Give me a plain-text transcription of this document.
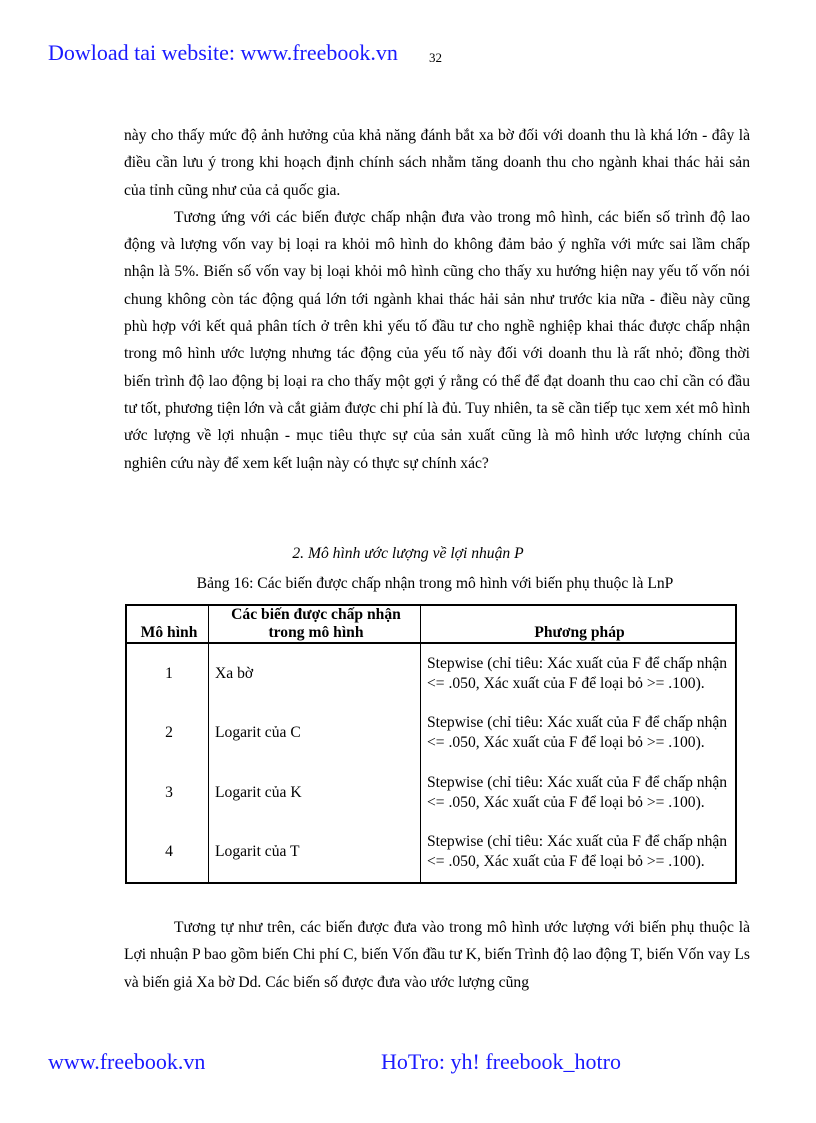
Dowload tai website: www.freebook.vn 32

này cho thấy mức độ ảnh hưởng của khả năng đánh bắt xa bờ đối với doanh thu là khá lớn - đây là điều cần lưu ý trong khi hoạch định chính sách nhằm tăng doanh thu cho ngành khai thác hải sản của tỉnh cũng như của cả quốc gia.

Tương ứng với các biến được chấp nhận đưa vào trong mô hình, các biến số trình độ lao động và lượng vốn vay bị loại ra khỏi mô hình do không đảm bảo ý nghĩa với mức sai lầm chấp nhận là 5%. Biến số vốn vay bị loại khỏi mô hình cũng cho thấy xu hướng hiện nay yếu tố vốn nói chung không còn tác động quá lớn tới ngành khai thác hải sản như trước kia nữa - điều này cũng phù hợp với kết quả phân tích ở trên khi yếu tố đầu tư cho nghề nghiệp khai thác được chấp nhận trong mô hình ước lượng nhưng tác động của yếu tố này đối với doanh thu là rất nhỏ; đồng thời biến trình độ lao động bị loại ra cho thấy một gợi ý rằng có thể để đạt doanh thu cao chỉ cần có đầu tư tốt, phương tiện lớn và cắt giảm được chi phí là đủ. Tuy nhiên, ta sẽ cần tiếp tục xem xét mô hình ước lượng về lợi nhuận - mục tiêu thực sự của sản xuất cũng là mô hình ước lượng chính của nghiên cứu này để xem kết luận này có thực sự chính xác?

2. Mô hình ước lượng về lợi nhuận P
Bảng 16: Các biến được chấp nhận trong mô hình với biến phụ thuộc là LnP
Mô hình	Các biến được chấp nhận trong mô hình	Phương pháp
1	Xa bờ	Stepwise (chỉ tiêu: Xác xuất của F để chấp nhận <= .050, Xác xuất của F để loại bỏ >= .100).
2	Logarit của C	Stepwise (chỉ tiêu: Xác xuất của F để chấp nhận <= .050, Xác xuất của F để loại bỏ >= .100).
3	Logarit của K	Stepwise (chỉ tiêu: Xác xuất của F để chấp nhận <= .050, Xác xuất của F để loại bỏ >= .100).
4	Logarit của T	Stepwise (chỉ tiêu: Xác xuất của F để chấp nhận <= .050, Xác xuất của F để loại bỏ >= .100).

Tương tự như trên, các biến được đưa vào trong mô hình ước lượng với biến phụ thuộc là Lợi nhuận P bao gồm biến Chi phí C, biến Vốn đầu tư K, biến Trình độ lao động T, biến Vốn vay Ls và biến giả Xa bờ Dd. Các biến số được đưa vào ước lượng cũng

www.freebook.vn	HoTro: yh! freebook_hotro
